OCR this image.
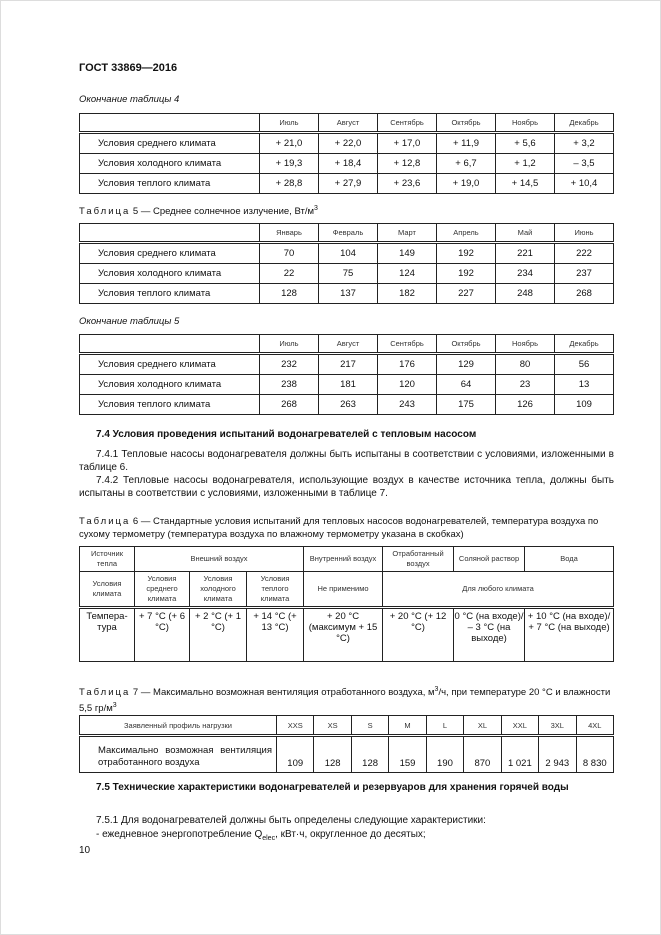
ГОСТ 33869—2016
Окончание таблицы 4
	Июль	Август	Сентябрь	Октябрь	Ноябрь	Декабрь
Условия среднего климата	+ 21,0	+ 22,0	+ 17,0	+ 11,9	+ 5,6	+ 3,2
Условия холодного климата	+ 19,3	+ 18,4	+ 12,8	+ 6,7	+ 1,2	– 3,5
Условия теплого климата	+ 28,8	+ 27,9	+ 23,6	+ 19,0	+ 14,5	+ 10,4
Таблица 5 — Среднее солнечное излучение, $Вт/м^3$
	Январь	Февраль	Март	Апрель	Май	Июнь
Условия среднего климата	70	104	149	192	221	222
Условия холодного климата	22	75	124	192	234	237
Условия теплого климата	128	137	182	227	248	268
Окончание таблицы 5
	Июль	Август	Сентябрь	Октябрь	Ноябрь	Декабрь
Условия среднего климата	232	217	176	129	80	56
Условия холодного климата	238	181	120	64	23	13
Условия теплого климата	268	263	243	175	126	109
7.4 Условия проведения испытаний водонагревателей с тепловым насосом
7.4.1 Тепловые насосы водонагревателя должны быть испытаны в соответствии с условиями, изложенными в таблице 6.
7.4.2 Тепловые насосы водонагревателя, использующие воздух в качестве источника тепла, должны быть испытаны в соответствии с условиями, изложенными в таблице 7.
Таблица 6 — Стандартные условия испытаний для тепловых насосов водонагревателей, температура воздуха по сухому термометру (температура воздуха по влажному термометру указана в скобках)
Источник тепла	Внешний воздух			Внутренний воздух	Отработанный воздух	Соляной раствор	Вода
Условия климата	Условия среднего климата	Условия холодного климата	Условия теплого климата	Не применимо	Для любого климата		
Темпера-тура	+ 7 °C (+ 6 °C)	+ 2 °C (+ 1 °C)	+ 14 °C (+ 13 °C)	+ 20 °C (максимум + 15 °C)	+ 20 °C (+ 12 °C)	0 °C (на входе)/ – 3 °C (на выходе)	+ 10 °C (на входе)/ + 7 °C (на выходе)
Таблица 7 — Максимально возможная вентиляция отработанного воздуха, $м^3/ч$, при температуре 20 °C и влажности 5,5 $гр/м^3$
Заявленный профиль нагрузки	XXS	XS	S	M	L	XL	XXL	3XL	4XL
Максимально возможная вентиляция отработанного воздуха	109	128	128	159	190	870	1 021	2 943	8 830
7.5 Технические характеристики водонагревателей и резервуаров для хранения горячей воды
7.5.1 Для водонагревателей должны быть определены следующие характеристики:
- ежедневное энергопотребление $Q_{elec}$, кВт·ч, округленное до десятых;
10
